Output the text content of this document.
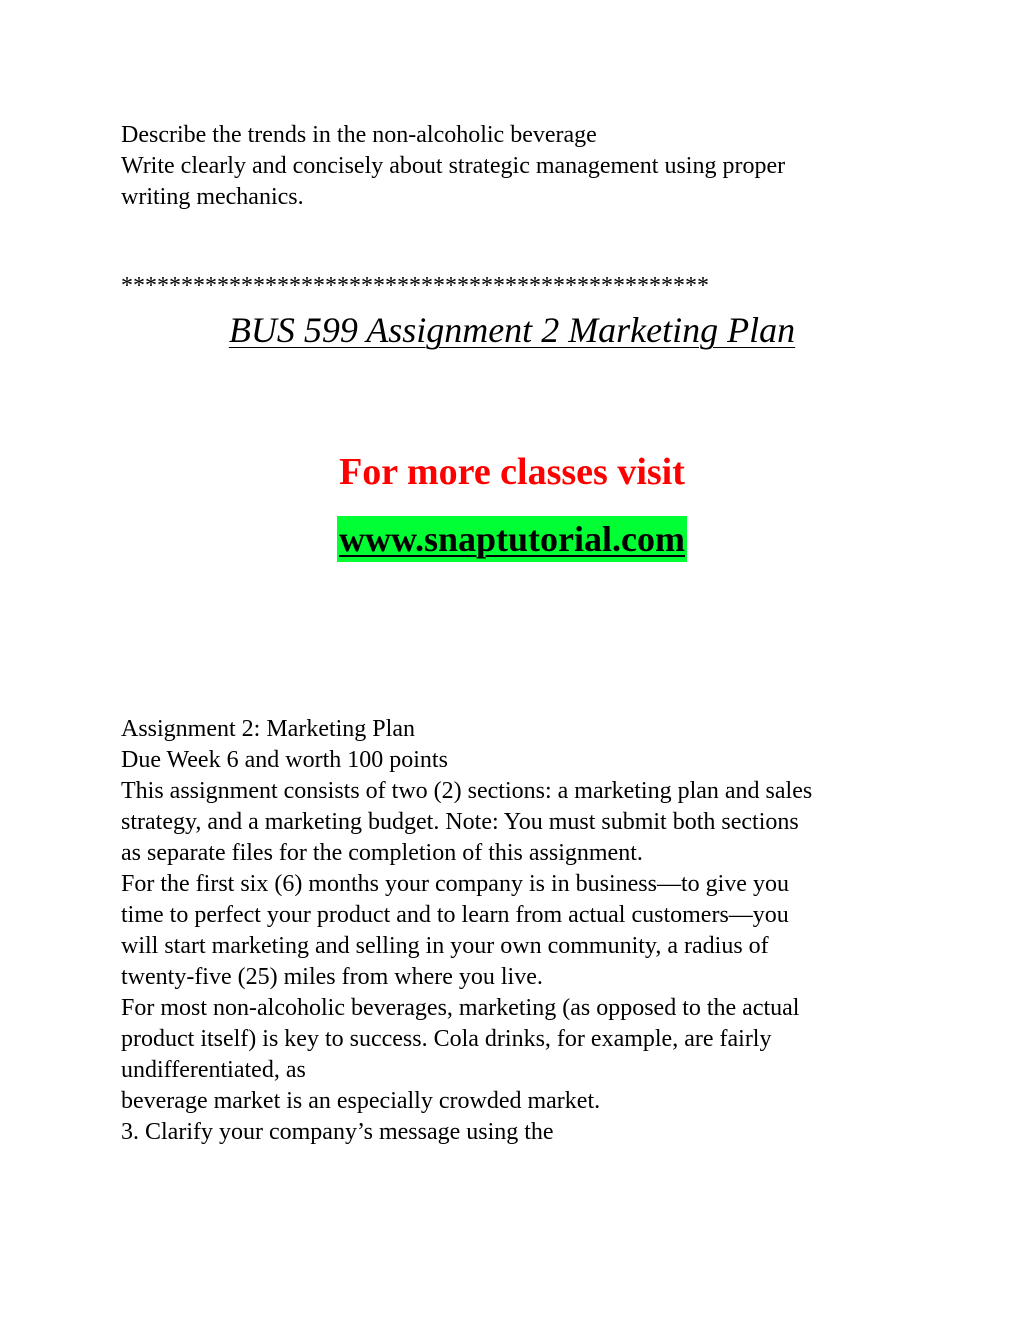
Describe the trends in the non-alcoholic beverage
Write clearly and concisely about strategic management using proper
writing mechanics.
*************************************************
BUS 599 Assignment 2 Marketing Plan
For more classes visit
www.snaptutorial.com
Assignment 2: Marketing Plan
Due Week 6 and worth 100 points
This assignment consists of two (2) sections: a marketing plan and sales
strategy, and a marketing budget. Note: You must submit both sections
as separate files for the completion of this assignment.
For the first six (6) months your company is in business—to give you
time to perfect your product and to learn from actual customers—you
will start marketing and selling in your own community, a radius of
twenty-five (25) miles from where you live.
For most non-alcoholic beverages, marketing (as opposed to the actual
product itself) is key to success. Cola drinks, for example, are fairly
undifferentiated, as
beverage market is an especially crowded market.
3. Clarify your company’s message using the
